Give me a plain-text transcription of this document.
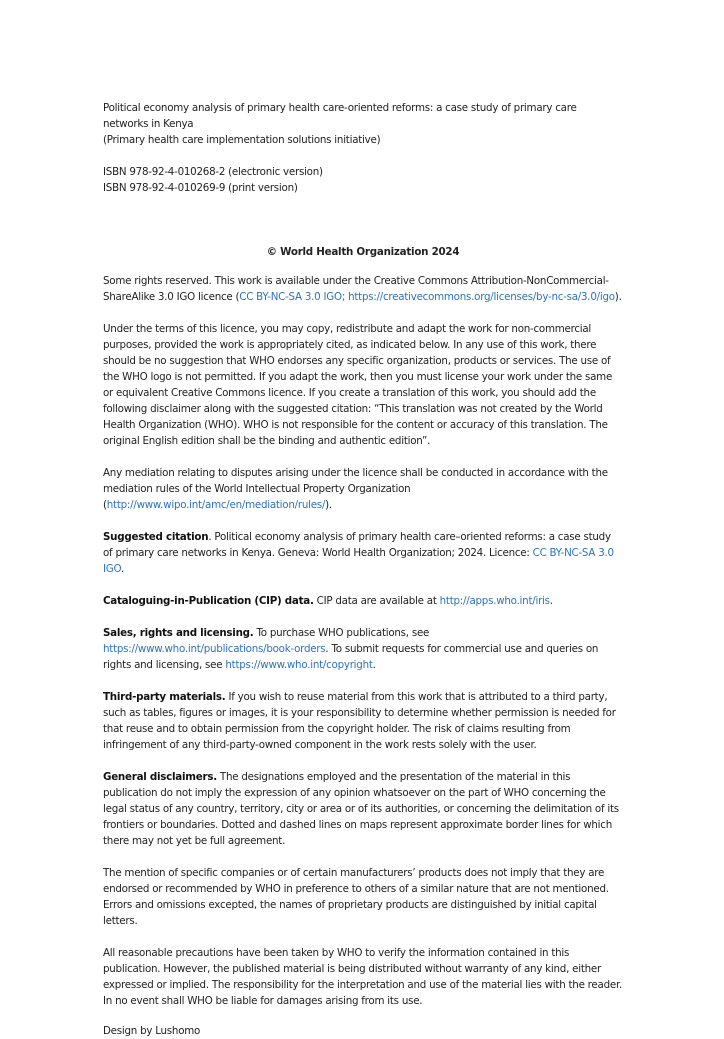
Political economy analysis of primary health care-oriented reforms: a case study of primary care networks in Kenya

(Primary health care implementation solutions initiative)

ISBN 978-92-4-010268-2 (electronic version)

ISBN 978-92-4-010269-9 (print version)

© World Health Organization 2024

Some rights reserved. This work is available under the Creative Commons Attribution-NonCommercial-ShareAlike 3.0 IGO licence (CC BY-NC-SA 3.0 IGO; https://creativecommons.org/licenses/by-nc-sa/3.0/igo).

Under the terms of this licence, you may copy, redistribute and adapt the work for non-commercial purposes, provided the work is appropriately cited, as indicated below. In any use of this work, there should be no suggestion that WHO endorses any specific organization, products or services. The use of the WHO logo is not permitted. If you adapt the work, then you must license your work under the same or equivalent Creative Commons licence. If you create a translation of this work, you should add the following disclaimer along with the suggested citation: “This translation was not created by the World Health Organization (WHO). WHO is not responsible for the content or accuracy of this translation. The original English edition shall be the binding and authentic edition”.

Any mediation relating to disputes arising under the licence shall be conducted in accordance with the mediation rules of the World Intellectual Property Organization (http://www.wipo.int/amc/en/mediation/rules/).

Suggested citation. Political economy analysis of primary health care–oriented reforms: a case study of primary care networks in Kenya. Geneva: World Health Organization; 2024. Licence: CC BY-NC-SA 3.0 IGO.

Cataloguing-in-Publication (CIP) data. CIP data are available at http://apps.who.int/iris.

Sales, rights and licensing. To purchase WHO publications, see https://www.who.int/publications/book-orders. To submit requests for commercial use and queries on rights and licensing, see https://www.who.int/copyright.

Third-party materials. If you wish to reuse material from this work that is attributed to a third party, such as tables, figures or images, it is your responsibility to determine whether permission is needed for that reuse and to obtain permission from the copyright holder. The risk of claims resulting from infringement of any third-party-owned component in the work rests solely with the user.

General disclaimers. The designations employed and the presentation of the material in this publication do not imply the expression of any opinion whatsoever on the part of WHO concerning the legal status of any country, territory, city or area or of its authorities, or concerning the delimitation of its frontiers or boundaries. Dotted and dashed lines on maps represent approximate border lines for which there may not yet be full agreement.

The mention of specific companies or of certain manufacturers’ products does not imply that they are endorsed or recommended by WHO in preference to others of a similar nature that are not mentioned. Errors and omissions excepted, the names of proprietary products are distinguished by initial capital letters.

All reasonable precautions have been taken by WHO to verify the information contained in this publication. However, the published material is being distributed without warranty of any kind, either expressed or implied. The responsibility for the interpretation and use of the material lies with the reader. In no event shall WHO be liable for damages arising from its use.

Design by Lushomo
